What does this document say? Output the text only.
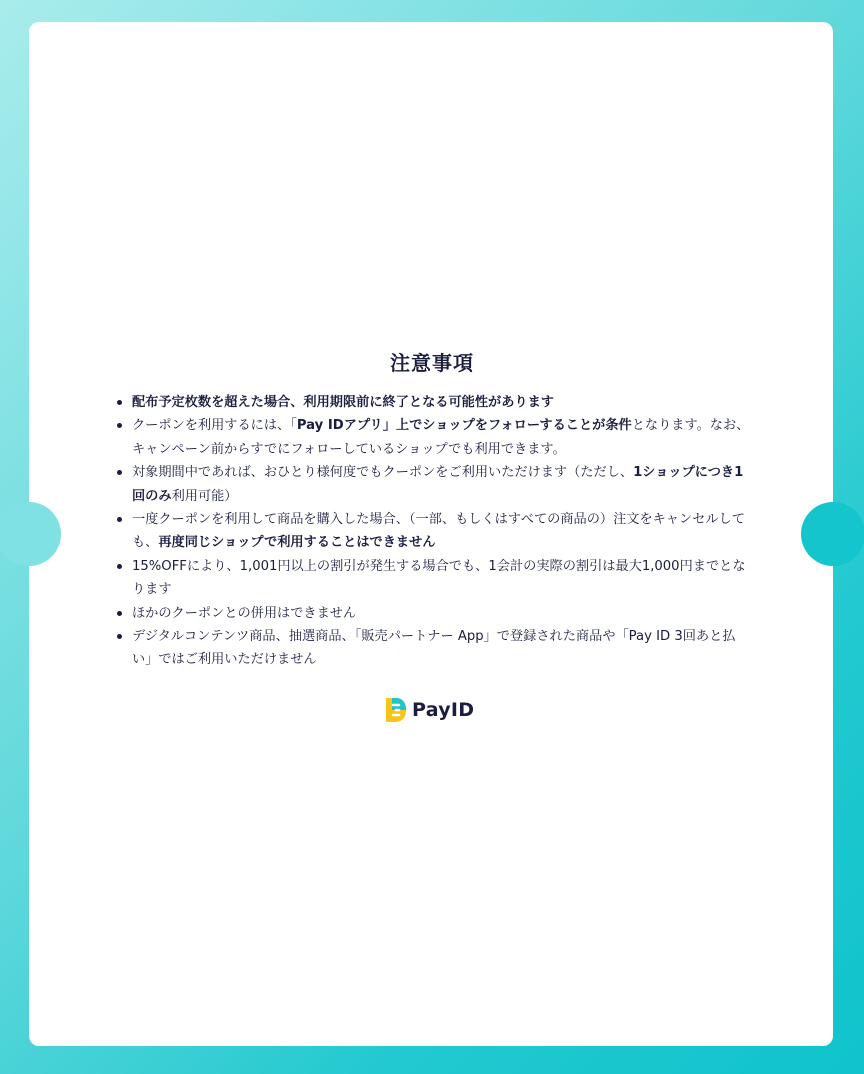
注意事項
配布予定枚数を超えた場合、利用期限前に終了となる可能性があります
クーポンを利用するには、「Pay IDアプリ」上でショップをフォローすることが条件となります。なお、キャンペーン前からすでにフォローしているショップでも利用できます。
対象期間中であれば、おひとり様何度でもクーポンをご利用いただけます（ただし、1ショップにつき1回のみ利用可能）
一度クーポンを利用して商品を購入した場合、（一部、もしくはすべての商品の）注文をキャンセルしても、再度同じショップで利用することはできません
15%OFFにより、1,001円以上の割引が発生する場合でも、1会計の実際の割引は最大1,000円までとなります
ほかのクーポンとの併用はできません
デジタルコンテンツ商品、抽選商品、「販売パートナー App」で登録された商品や「Pay ID 3回あと払い」ではご利用いただけません
PayID
